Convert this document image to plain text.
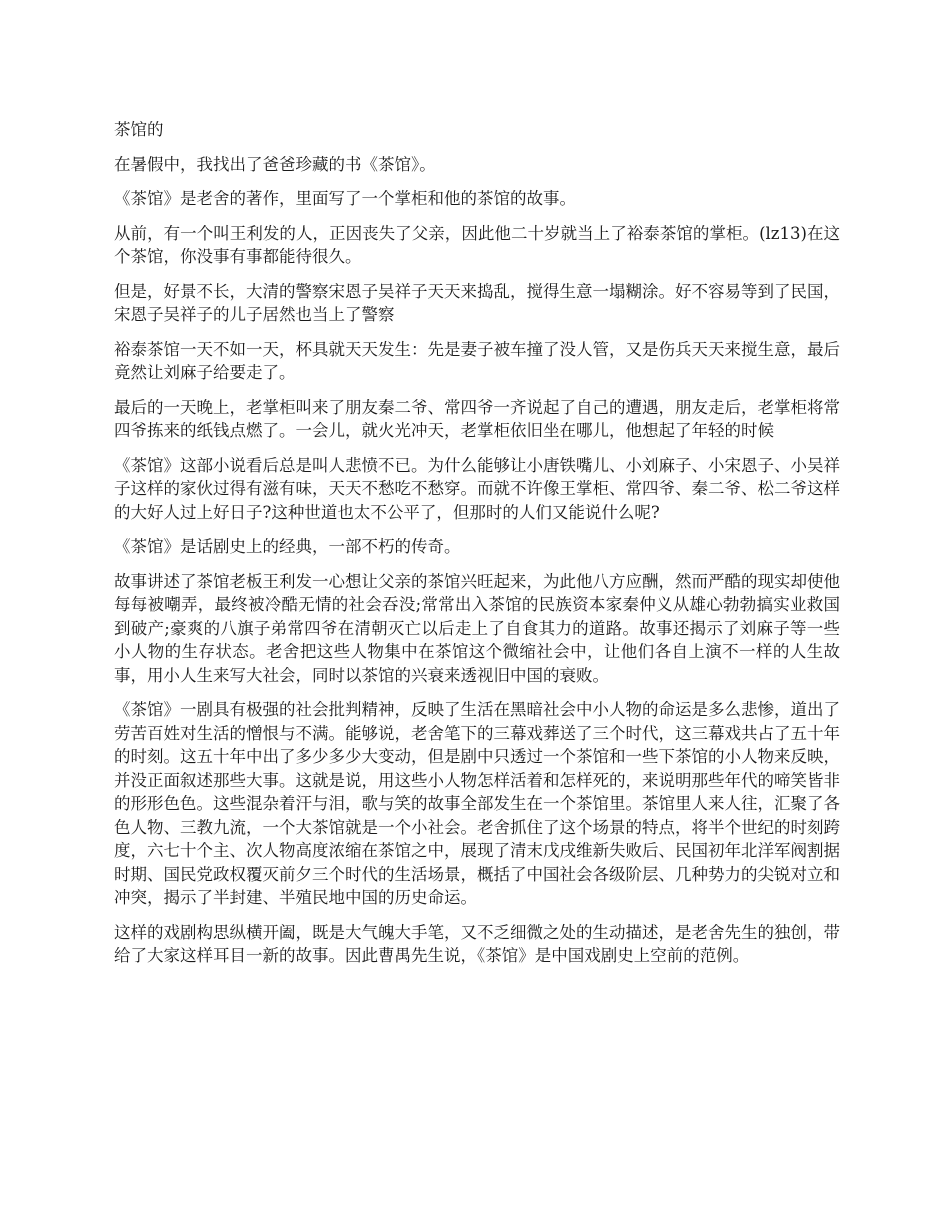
茶馆的

在暑假中，我找出了爸爸珍藏的书《茶馆》。

《茶馆》是老舍的著作，里面写了一个掌柜和他的茶馆的故事。

从前，有一个叫王利发的人，正因丧失了父亲，因此他二十岁就当上了裕泰茶馆的掌柜。(lz13)在这个茶馆，你没事有事都能待很久。

但是，好景不长，大清的警察宋恩子吴祥子天天来捣乱，搅得生意一塌糊涂。好不容易等到了民国，宋恩子吴祥子的儿子居然也当上了警察

裕泰茶馆一天不如一天，杯具就天天发生：先是妻子被车撞了没人管，又是伤兵天天来搅生意，最后竟然让刘麻子给要走了。

最后的一天晚上，老掌柜叫来了朋友秦二爷、常四爷一齐说起了自己的遭遇，朋友走后，老掌柜将常四爷拣来的纸钱点燃了。一会儿，就火光冲天，老掌柜依旧坐在哪儿，他想起了年轻的时候

《茶馆》这部小说看后总是叫人悲愤不已。为什么能够让小唐铁嘴儿、小刘麻子、小宋恩子、小吴祥子这样的家伙过得有滋有味，天天不愁吃不愁穿。而就不许像王掌柜、常四爷、秦二爷、松二爷这样的大好人过上好日子?这种世道也太不公平了，但那时的人们又能说什么呢?

《茶馆》是话剧史上的经典，一部不朽的传奇。

故事讲述了茶馆老板王利发一心想让父亲的茶馆兴旺起来，为此他八方应酬，然而严酷的现实却使他每每被嘲弄，最终被冷酷无情的社会吞没;常常出入茶馆的民族资本家秦仲义从雄心勃勃搞实业救国到破产;豪爽的八旗子弟常四爷在清朝灭亡以后走上了自食其力的道路。故事还揭示了刘麻子等一些小人物的生存状态。老舍把这些人物集中在茶馆这个微缩社会中，让他们各自上演不一样的人生故事，用小人生来写大社会，同时以茶馆的兴衰来透视旧中国的衰败。

《茶馆》一剧具有极强的社会批判精神，反映了生活在黑暗社会中小人物的命运是多么悲惨，道出了劳苦百姓对生活的憎恨与不满。能够说，老舍笔下的三幕戏葬送了三个时代，这三幕戏共占了五十年的时刻。这五十年中出了多少多少大变动，但是剧中只透过一个茶馆和一些下茶馆的小人物来反映，并没正面叙述那些大事。这就是说，用这些小人物怎样活着和怎样死的，来说明那些年代的啼笑皆非的形形色色。这些混杂着汗与泪，歌与笑的故事全部发生在一个茶馆里。茶馆里人来人往，汇聚了各色人物、三教九流，一个大茶馆就是一个小社会。老舍抓住了这个场景的特点，将半个世纪的时刻跨度，六七十个主、次人物高度浓缩在茶馆之中，展现了清末戊戌维新失败后、民国初年北洋军阀割据时期、国民党政权覆灭前夕三个时代的生活场景，概括了中国社会各级阶层、几种势力的尖锐对立和冲突，揭示了半封建、半殖民地中国的历史命运。

这样的戏剧构思纵横开阖，既是大气魄大手笔，又不乏细微之处的生动描述，是老舍先生的独创，带给了大家这样耳目一新的故事。因此曹禺先生说，《茶馆》是中国戏剧史上空前的范例。
